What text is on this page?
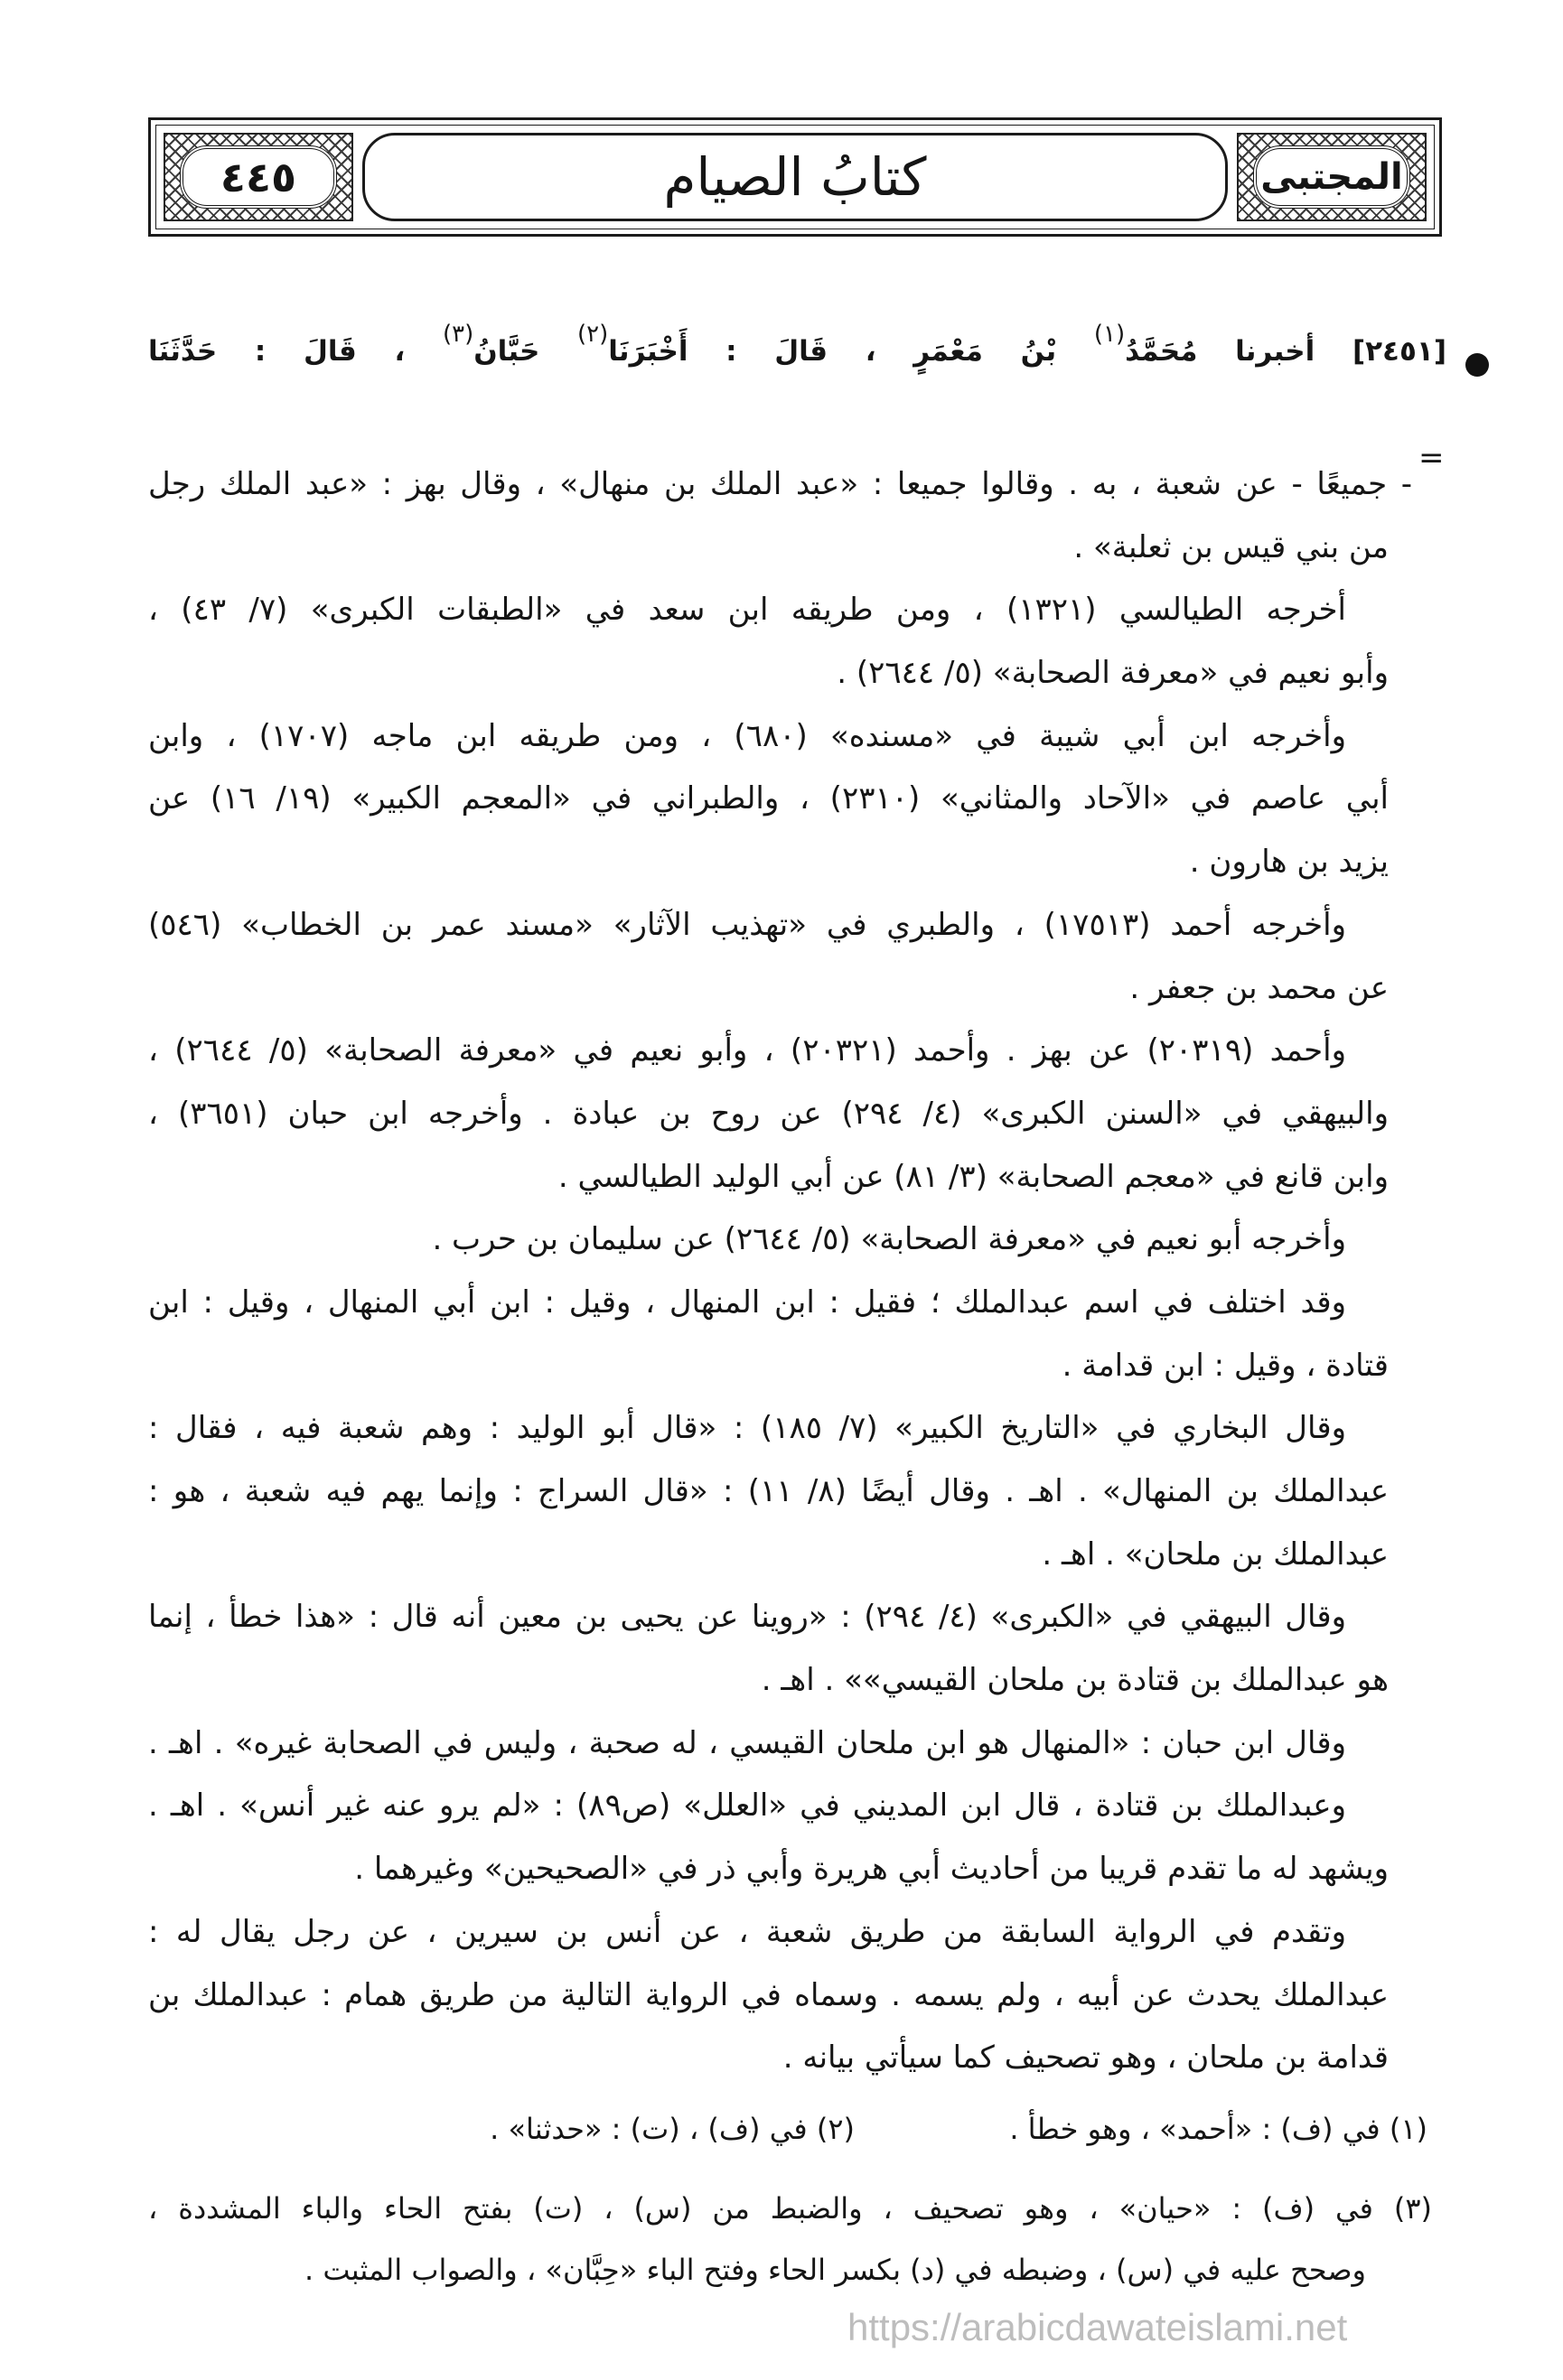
٤٤٥	كتابُ الصيام	المجتبى
[٢٤٥١] أخبرنا مُحَمَّدُ$^{(١)}$ بْنُ مَعْمَرٍ ، قَالَ : أَخْبَرَنَا$^{(٢)}$ حَبَّانُ$^{(٣)}$ ، قَالَ : حَدَّثَنَا
=
- جميعًا - عن شعبة ، به . وقالوا جميعا : «عبد الملك بن منهال» ، وقال بهز : «عبد الملك رجل
من بني قيس بن ثعلبة» .
أخرجه الطيالسي (١٣٢١) ، ومن طريقه ابن سعد في «الطبقات الكبرى» (٧/ ٤٣) ،
وأبو نعيم في «معرفة الصحابة» (٥/ ٢٦٤٤) .
وأخرجه ابن أبي شيبة في «مسنده» (٦٨٠) ، ومن طريقه ابن ماجه (١٧٠٧) ، وابن
أبي عاصم في «الآحاد والمثاني» (٢٣١٠) ، والطبراني في «المعجم الكبير» (١٩/ ١٦) عن
يزيد بن هارون .
وأخرجه أحمد (١٧٥١٣) ، والطبري في «تهذيب الآثار» «مسند عمر بن الخطاب» (٥٤٦)
عن محمد بن جعفر .
وأحمد (٢٠٣١٩) عن بهز . وأحمد (٢٠٣٢١) ، وأبو نعيم في «معرفة الصحابة» (٥/ ٢٦٤٤) ،
والبيهقي في «السنن الكبرى» (٤/ ٢٩٤) عن روح بن عبادة . وأخرجه ابن حبان (٣٦٥١) ،
وابن قانع في «معجم الصحابة» (٣/ ٨١) عن أبي الوليد الطيالسي .
وأخرجه أبو نعيم في «معرفة الصحابة» (٥/ ٢٦٤٤) عن سليمان بن حرب .
وقد اختلف في اسم عبدالملك ؛ فقيل : ابن المنهال ، وقيل : ابن أبي المنهال ، وقيل : ابن
قتادة ، وقيل : ابن قدامة .
وقال البخاري في «التاريخ الكبير» (٧/ ١٨٥) : «قال أبو الوليد : وهم شعبة فيه ، فقال :
عبدالملك بن المنهال» . اهـ . وقال أيضًا (٨/ ١١) : «قال السراج : وإنما يهم فيه شعبة ، هو :
عبدالملك بن ملحان» . اهـ .
وقال البيهقي في «الكبرى» (٤/ ٢٩٤) : «روينا عن يحيى بن معين أنه قال : «هذا خطأ ، إنما
هو عبدالملك بن قتادة بن ملحان القيسي»» . اهـ .
وقال ابن حبان : «المنهال هو ابن ملحان القيسي ، له صحبة ، وليس في الصحابة غيره» . اهـ .
وعبدالملك بن قتادة ، قال ابن المديني في «العلل» (ص٨٩) : «لم يرو عنه غير أنس» . اهـ .
ويشهد له ما تقدم قريبا من أحاديث أبي هريرة وأبي ذر في «الصحيحين» وغيرهما .
وتقدم في الرواية السابقة من طريق شعبة ، عن أنس بن سيرين ، عن رجل يقال له :
عبدالملك يحدث عن أبيه ، ولم يسمه . وسماه في الرواية التالية من طريق همام : عبدالملك بن
قدامة بن ملحان ، وهو تصحيف كما سيأتي بيانه .
(١) في (ف) : «أحمد» ، وهو خطأ .
(٢) في (ف) ، (ت) : «حدثنا» .
(٣) في (ف) : «حيان» ، وهو تصحيف ، والضبط من (س) ، (ت) بفتح الحاء والباء المشددة ،
وصحح عليه في (س) ، وضبطه في (د) بكسر الحاء وفتح الباء «حِبَّان» ، والصواب المثبت .
https://arabicdawateislami.net
